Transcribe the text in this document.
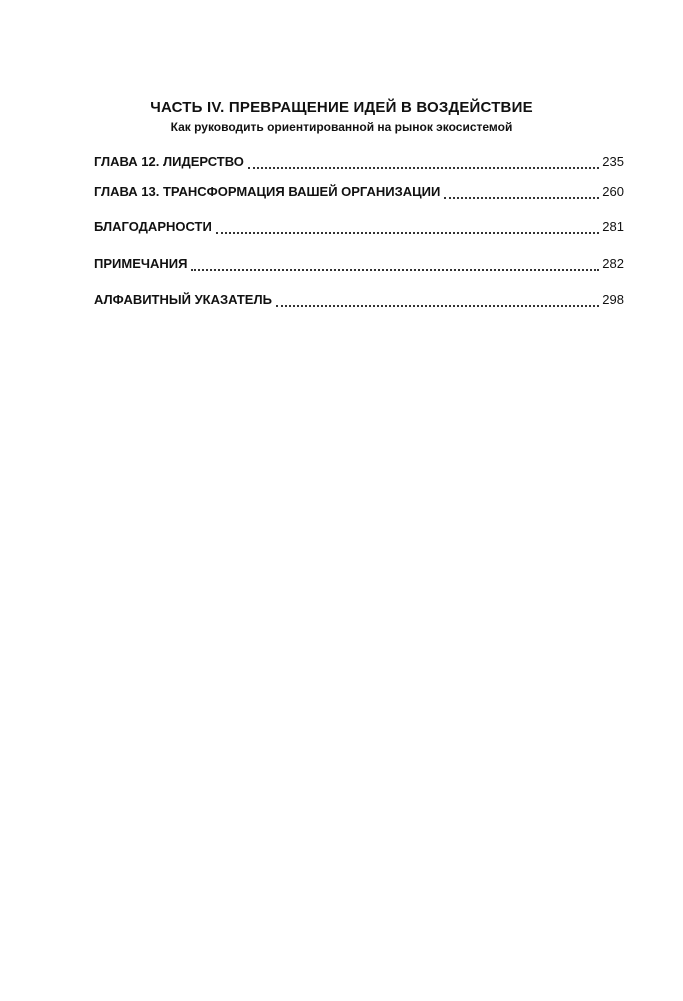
ЧАСТЬ IV. ПРЕВРАЩЕНИЕ ИДЕЙ В ВОЗДЕЙСТВИЕ
Как руководить ориентированной на рынок экосистемой
ГЛАВА 12. ЛИДЕРСТВО	235
ГЛАВА 13. ТРАНСФОРМАЦИЯ ВАШЕЙ ОРГАНИЗАЦИИ	260
БЛАГОДАРНОСТИ	281
ПРИМЕЧАНИЯ	282
АЛФАВИТНЫЙ УКАЗАТЕЛЬ	298
